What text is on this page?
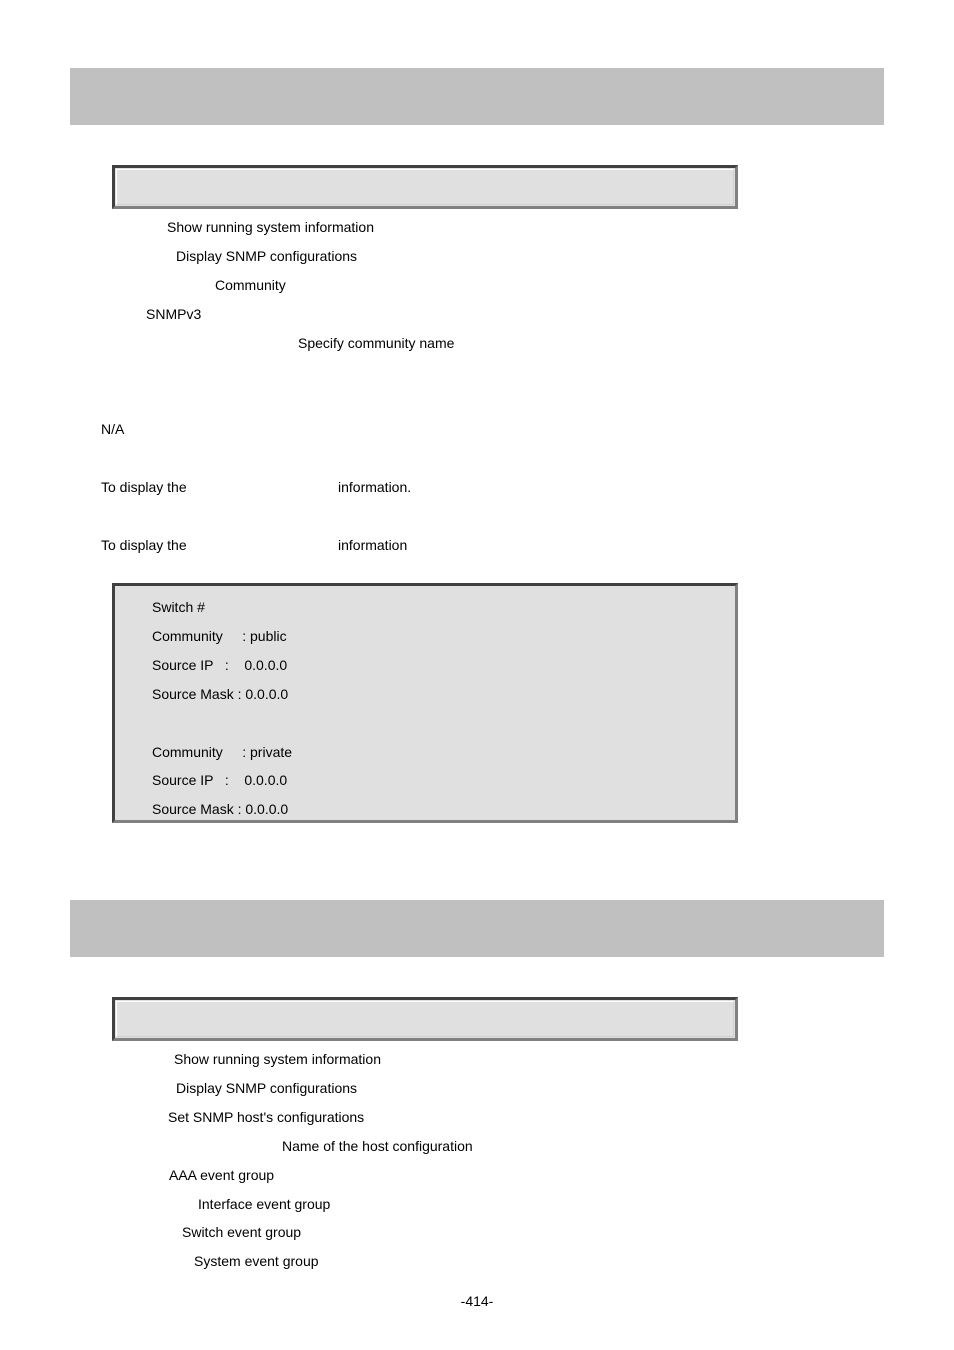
Show running system information
Display SNMP configurations
Community
SNMPv3
Specify community name
N/A
To display the	information.
To display the	information
Switch #
Community     : public
Source IP   :    0.0.0.0
Source Mask : 0.0.0.0
Community     : private
Source IP   :    0.0.0.0
Source Mask : 0.0.0.0
Show running system information
Display SNMP configurations
Set SNMP host's configurations
Name of the host configuration
AAA event group
Interface event group
Switch event group
System event group
-414-
